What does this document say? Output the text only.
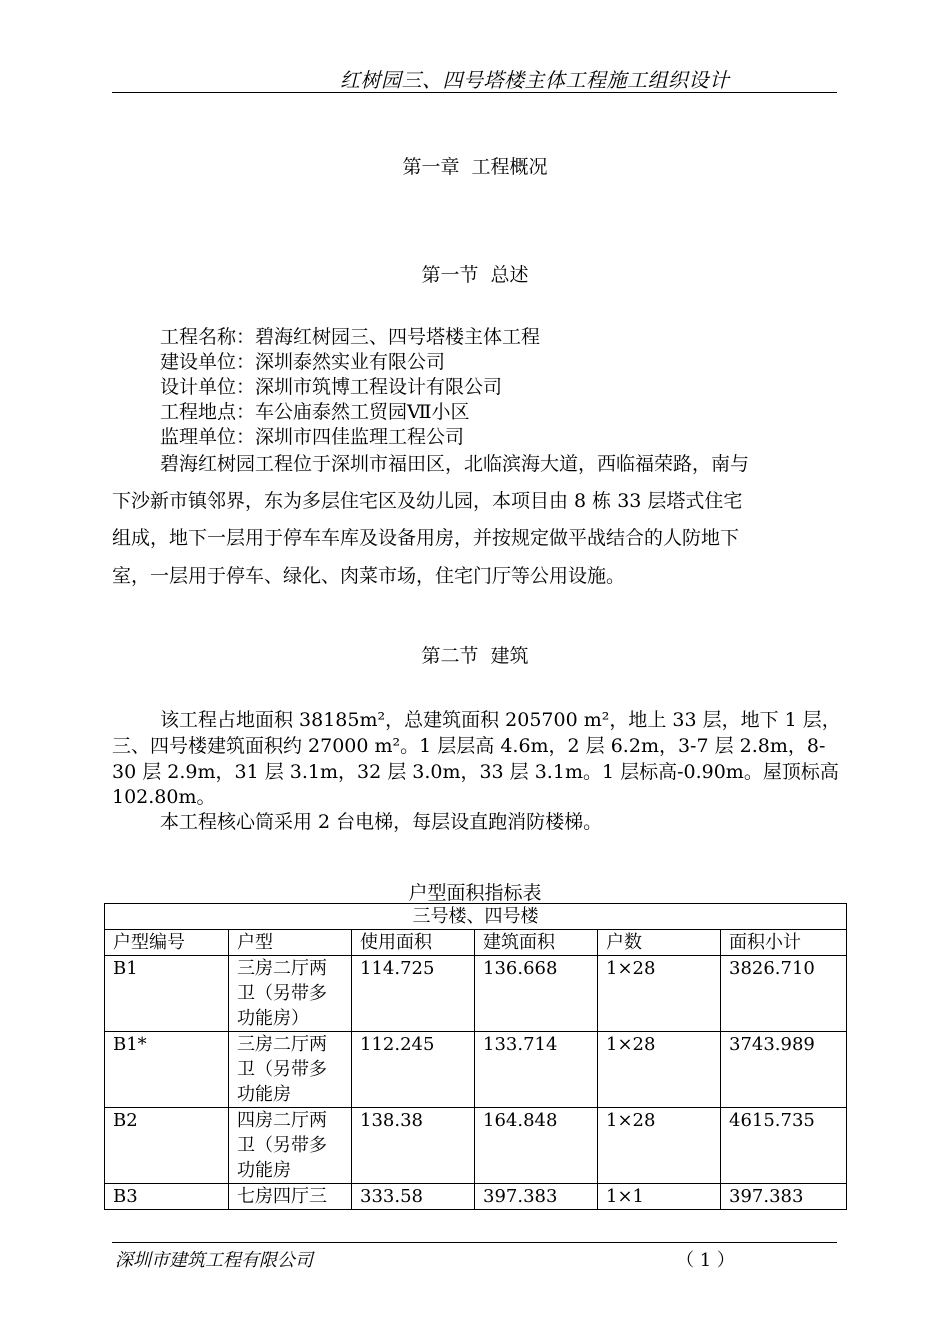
红树园三、四号塔楼主体工程施工组织设计
第一章  工程概况
第一节  总述
工程名称：碧海红树园三、四号塔楼主体工程
建设单位：深圳泰然实业有限公司
设计单位：深圳市筑博工程设计有限公司
工程地点：车公庙泰然工贸园Ⅶ小区
监理单位：深圳市四佳监理工程公司
碧海红树园工程位于深圳市福田区，北临滨海大道，西临福荣路，南与
下沙新市镇邻界，东为多层住宅区及幼儿园，本项目由 8 栋 33 层塔式住宅
组成，地下一层用于停车车库及设备用房，并按规定做平战结合的人防地下
室，一层用于停车、绿化、肉菜市场，住宅门厅等公用设施。
第二节  建筑
该工程占地面积 38185m²，总建筑面积 205700 m²，地上 33 层，地下 1 层，
三、四号楼建筑面积约 27000 m²。1 层层高 4.6m，2 层 6.2m，3-7 层 2.8m，8-
30 层 2.9m，31 层 3.1m，32 层 3.0m，33 层 3.1m。1 层标高-0.90m。屋顶标高
102.80m。
本工程核心筒采用 2 台电梯，每层设直跑消防楼梯。
户型面积指标表
三号楼、四号楼					
户型编号	户型	使用面积	建筑面积	户数	面积小计
B1	三房二厅两
卫（另带多
功能房）	114.725	136.668	1×28	3826.710
B1*	三房二厅两
卫（另带多
功能房	112.245	133.714	1×28	3743.989
B2	四房二厅两
卫（另带多
功能房	138.38	164.848	1×28	4615.735
B3	七房四厅三	333.58	397.383	1×1	397.383
深圳市建筑工程有限公司	（ 1 ）
